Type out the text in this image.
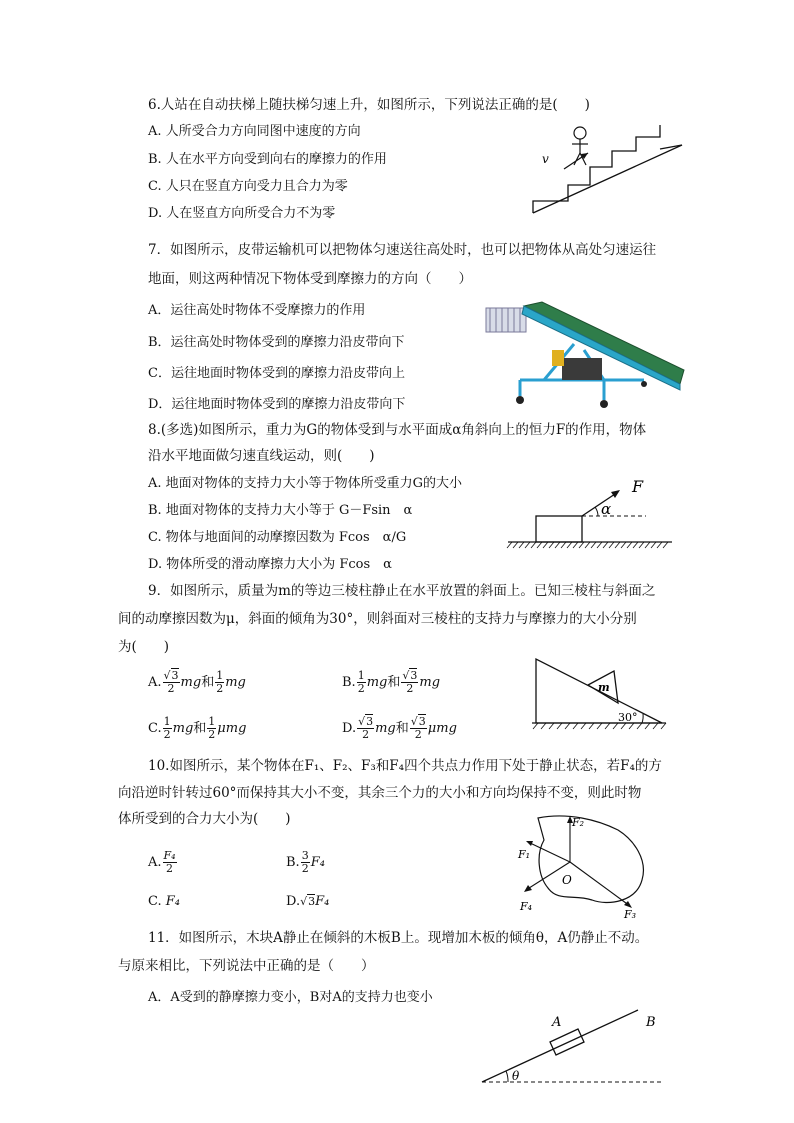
6.人站在自动扶梯上随扶梯匀速上升，如图所示，下列说法正确的是(　　)
A. 人所受合力方向同图中速度的方向
B. 人在水平方向受到向右的摩擦力的作用
C. 人只在竖直方向受力且合力为零
D. 人在竖直方向所受合力不为零
v
7．如图所示，皮带运输机可以把物体匀速送往高处时，也可以把物体从高处匀速运往
地面，则这两种情况下物体受到摩擦力的方向（　　）
A．运往高处时物体不受摩擦力的作用
B．运往高处时物体受到的摩擦力沿皮带向下
C．运往地面时物体受到的摩擦力沿皮带向上
D．运往地面时物体受到的摩擦力沿皮带向下
8.(多选)如图所示，重力为G的物体受到与水平面成α角斜向上的恒力F的作用，物体
沿水平地面做匀速直线运动，则(　　)
A. 地面对物体的支持力大小等于物体所受重力G的大小
B. 地面对物体的支持力大小等于 G－Fsin　α
C. 物体与地面间的动摩擦因数为 Fcos　α/G
D. 物体所受的滑动摩擦力大小为 Fcos　α
F
α
9．如图所示，质量为m的等边三棱柱静止在水平放置的斜面上。已知三棱柱与斜面之
间的动摩擦因数为μ，斜面的倾角为30°，则斜面对三棱柱的支持力与摩擦力的大小分别
为(　　)
A. $\frac{√3}{2}$ mg和 $\frac{1}{2}$ mg	B. $\frac{1}{2}$ mg和 $\frac{√3}{2}$ mg
C. $\frac{1}{2}$ mg和 $\frac{1}{2}$ μmg	D. $\frac{√3}{2}$ mg和 $\frac{√3}{2}$ μmg
m
30°
10.如图所示，某个物体在F₁、F₂、F₃和F₄四个共点力作用下处于静止状态，若F₄的方
向沿逆时针转过60°而保持其大小不变，其余三个力的大小和方向均保持不变，则此时物
体所受到的合力大小为(　　)
A. $\frac{\text{F₄}}{2}$	B. $\frac{3}{2} F_4$
C. F₄	D.√3F₄
F₂
F₁
F₄
F₃
O
11．如图所示，木块A静止在倾斜的木板B上。现增加木板的倾角θ，A仍静止不动。
与原来相比，下列说法中正确的是（　　）
A．A受到的静摩擦力变小，B对A的支持力也变小
A	B
θ
